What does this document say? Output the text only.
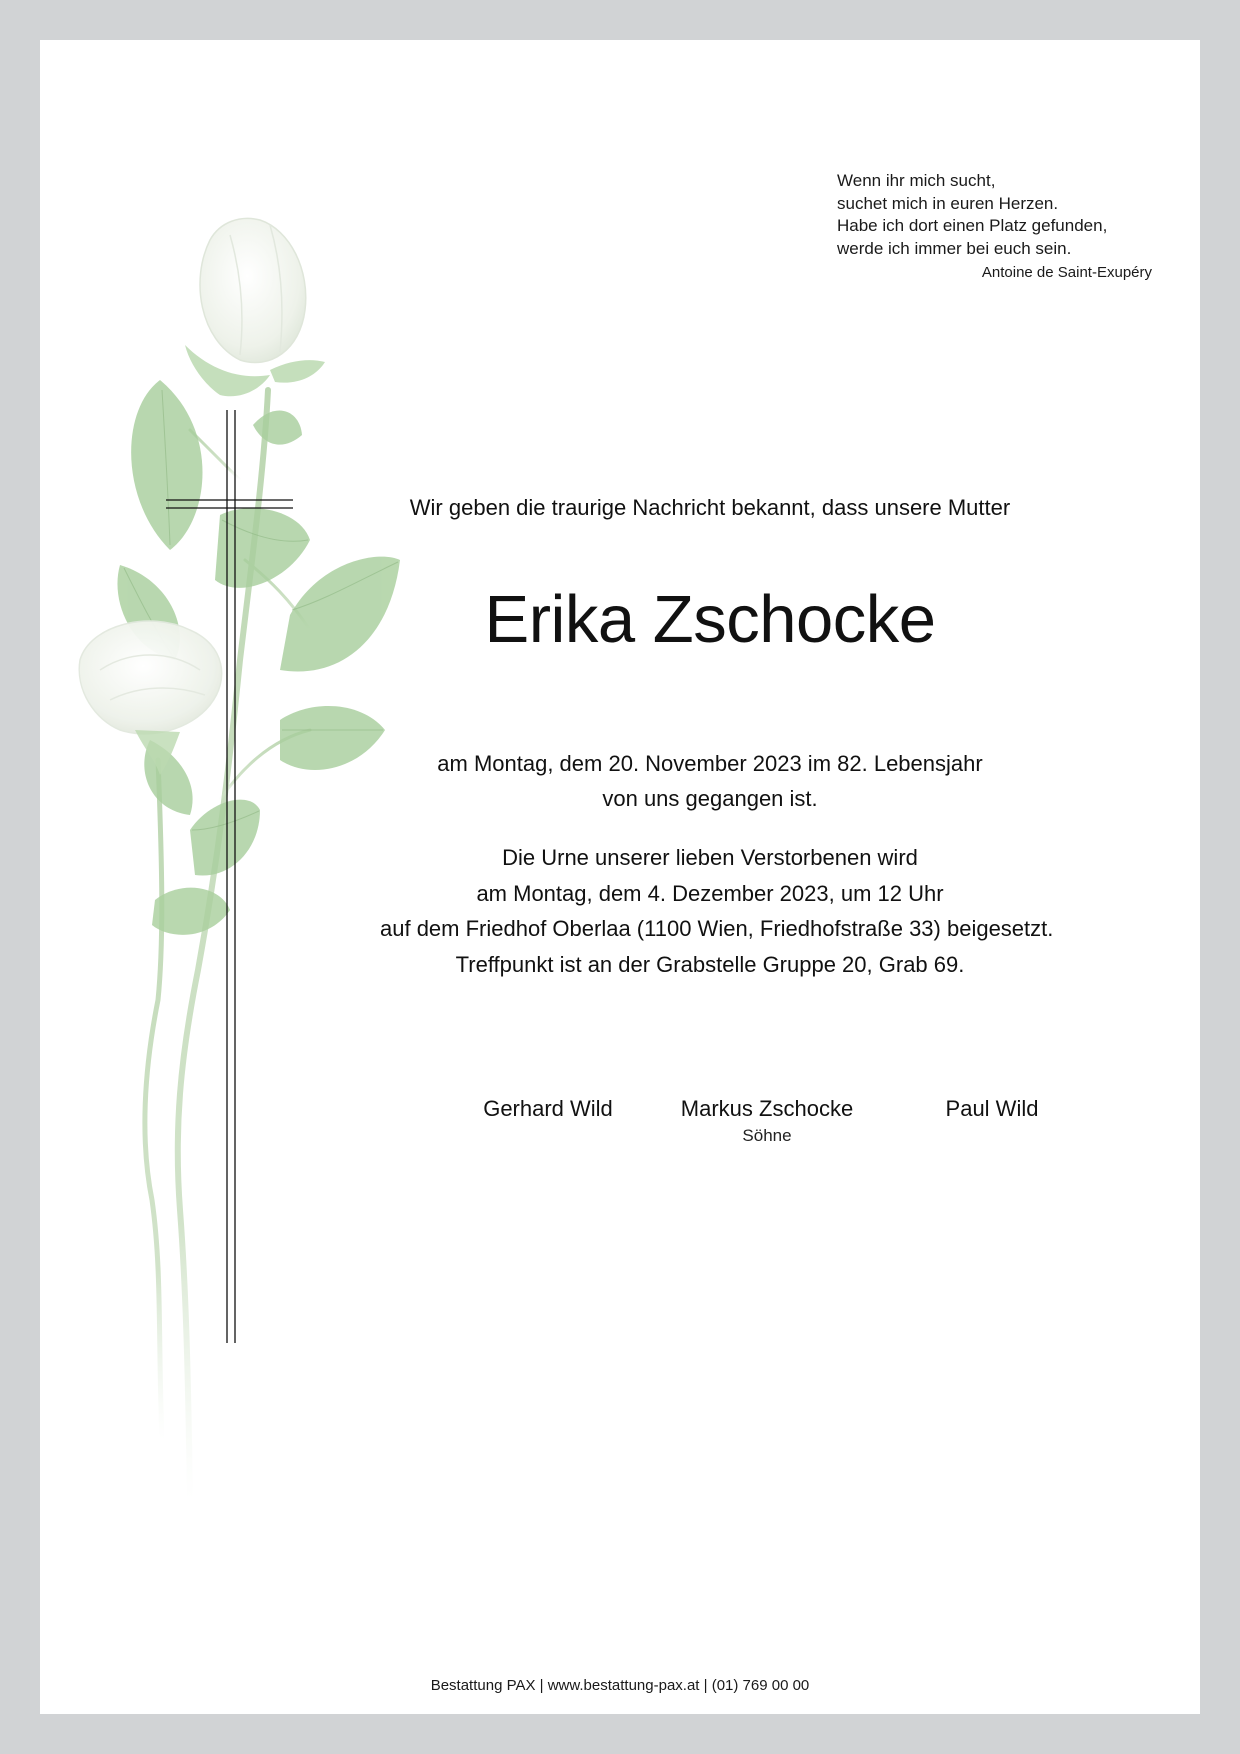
Wenn ihr mich sucht,
suchet mich in euren Herzen.
Habe ich dort einen Platz gefunden,
werde ich immer bei euch sein.
Antoine de Saint-Exupéry
Wir geben die traurige Nachricht bekannt, dass unsere Mutter
Erika Zschocke
am Montag, dem 20. November 2023 im 82. Lebensjahr
von uns gegangen ist.
Die Urne unserer lieben Verstorbenen wird
am Montag, dem 4. Dezember 2023, um 12 Uhr
auf dem Friedhof Oberlaa (1100 Wien, Friedhofstraße 33) beigesetzt.
Treffpunkt ist an der Grabstelle Gruppe 20, Grab 69.
Gerhard Wild	Markus Zschocke
Söhne
Paul Wild
Bestattung PAX | www.bestattung-pax.at | (01) 769 00 00
